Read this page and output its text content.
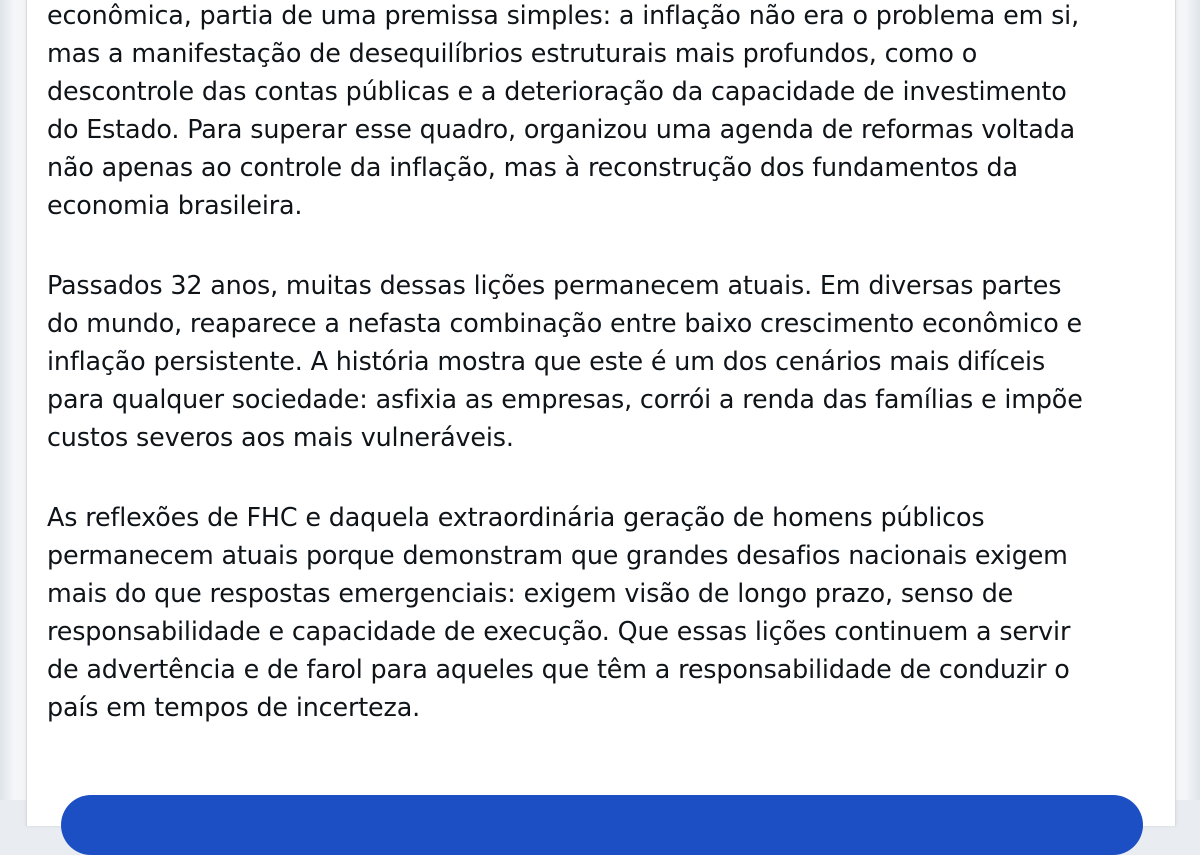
econômica, partia de uma premissa simples: a inflação não era o problema em si,
mas a manifestação de desequilíbrios estruturais mais profundos, como o
descontrole das contas públicas e a deterioração da capacidade de investimento
do Estado. Para superar esse quadro, organizou uma agenda de reformas voltada
não apenas ao controle da inflação, mas à reconstrução dos fundamentos da
economia brasileira.

Passados 32 anos, muitas dessas lições permanecem atuais. Em diversas partes
do mundo, reaparece a nefasta combinação entre baixo crescimento econômico e
inflação persistente. A história mostra que este é um dos cenários mais difíceis
para qualquer sociedade: asfixia as empresas, corrói a renda das famílias e impõe
custos severos aos mais vulneráveis.

As reflexões de FHC e daquela extraordinária geração de homens públicos
permanecem atuais porque demonstram que grandes desafios nacionais exigem
mais do que respostas emergenciais: exigem visão de longo prazo, senso de
responsabilidade e capacidade de execução. Que essas lições continuem a servir
de advertência e de farol para aqueles que têm a responsabilidade de conduzir o
país em tempos de incerteza.
